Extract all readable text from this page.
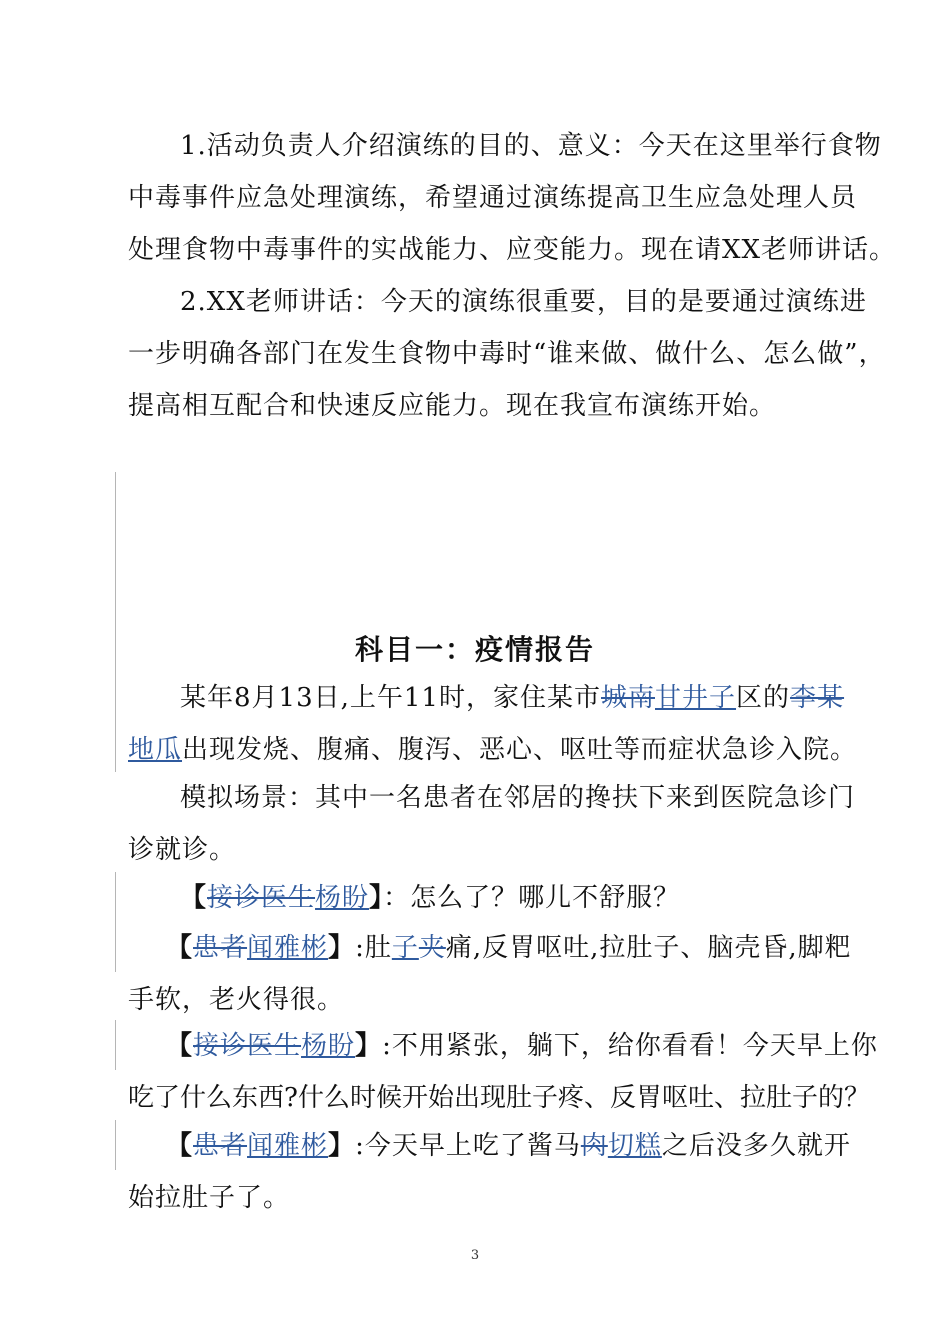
1.活动负责人介绍演练的目的、意义：今天在这里举行食物
中毒事件应急处理演练，希望通过演练提高卫生应急处理人员
处理食物中毒事件的实战能力、应变能力。现在请XX老师讲话。
2.XX老师讲话：今天的演练很重要，目的是要通过演练进
一步明确各部门在发生食物中毒时“谁来做、做什么、怎么做”，
提高相互配合和快速反应能力。现在我宣布演练开始。
科目一：疫情报告
某年8月13日,上午11时，家住某市城南甘井子区的李某
地瓜出现发烧、腹痛、腹泻、恶心、呕吐等而症状急诊入院。
模拟场景：其中一名患者在邻居的搀扶下来到医院急诊门
诊就诊。
【接诊医生杨盼】：怎么了？哪儿不舒服？
【患者闻雅彬】:肚子夹痛,反胃呕吐,拉肚子、脑壳昏,脚粑
手软，老火得很。
【接诊医生杨盼】:不用紧张，躺下，给你看看！今天早上你
吃了什么东西?什么时候开始出现肚子疼、反胃呕吐、拉肚子的？
【患者闻雅彬】:今天早上吃了酱马肉切糕之后没多久就开
始拉肚子了。

3
